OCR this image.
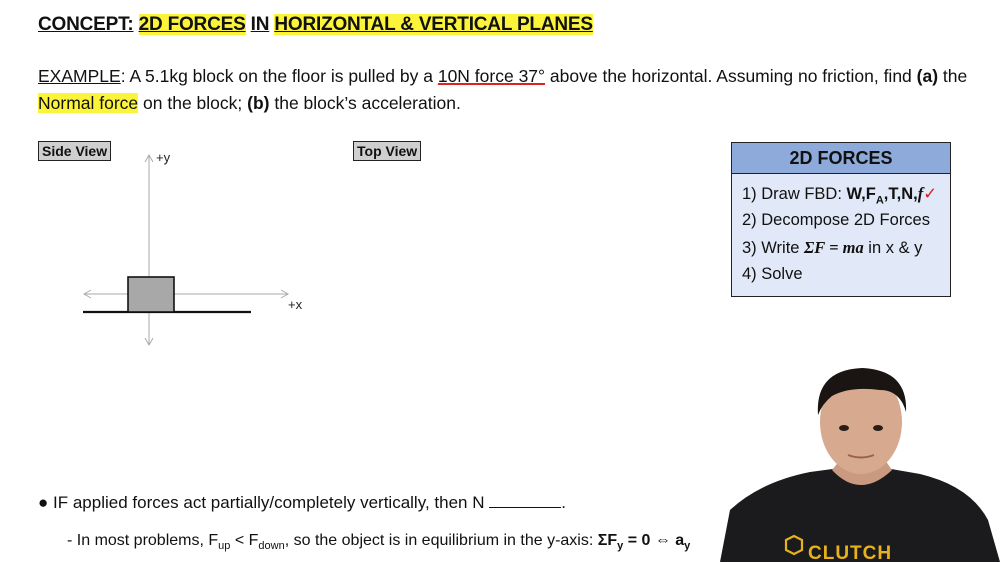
CONCEPT: 2D FORCES IN HORIZONTAL & VERTICAL PLANES
EXAMPLE: A 5.1kg block on the floor is pulled by a 10N force 37° above the horizontal. Assuming no friction, find (a) the
Normal force on the block; (b) the block’s acceleration.
Side View	Top View
+y
+x
2D FORCES
1) Draw FBD: $W,F_A,T,N,f✓$
2) Decompose 2D Forces
3) Write ΣF = ma in x & y
4) Solve
● IF applied forces act partially/completely vertically, then N	.
- In most problems, $F_{up} < F_{down}$, so the object is in equilibrium in the y-axis: $\Sigma F_y = 0$ ⇔ $a_y$	CLUTCH
